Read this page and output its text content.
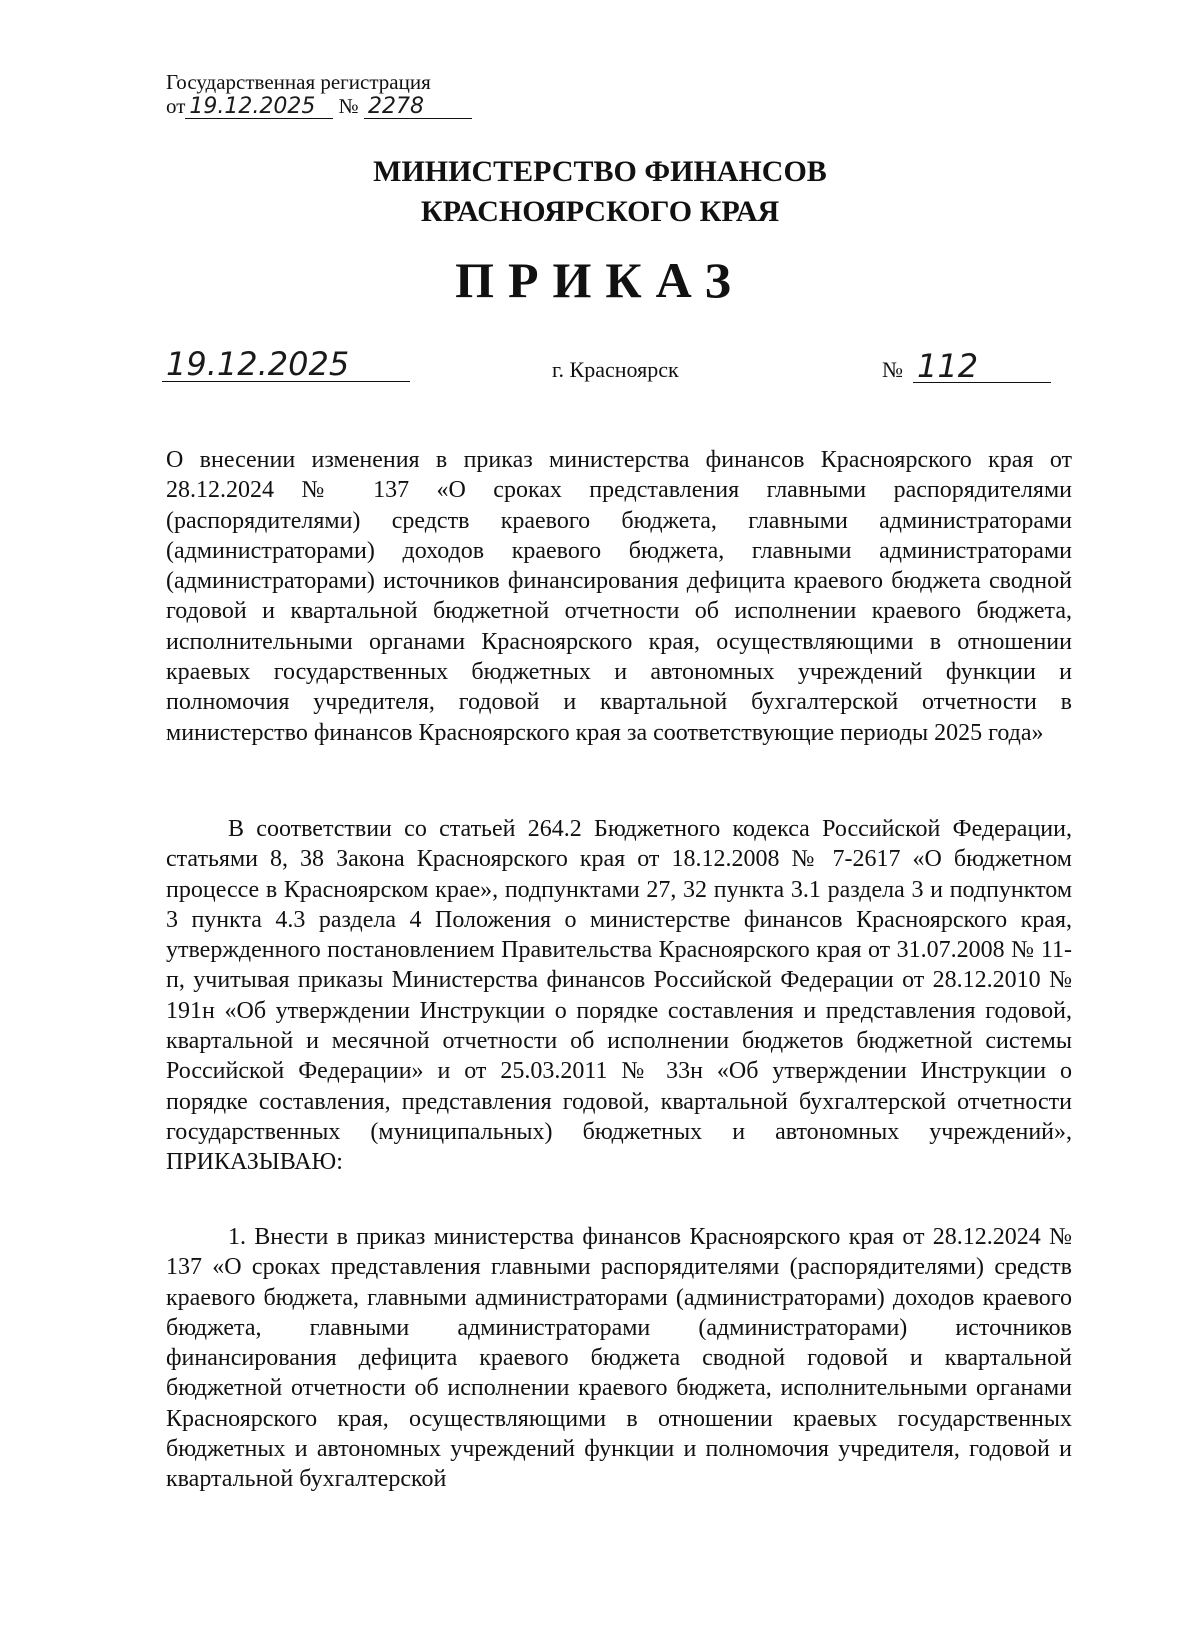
Государственная регистрация
от 19.12.2025 № 2278
МИНИСТЕРСТВО ФИНАНСОВ
КРАСНОЯРСКОГО КРАЯ
ПРИКАЗ
19.12.2025	г. Красноярск	№ 112
О внесении изменения в приказ министерства финансов Красноярского края от 28.12.2024 № 137 «О сроках представления главными распорядителями (распорядителями) средств краевого бюджета, главными администраторами (администраторами) доходов краевого бюджета, главными администраторами (администраторами) источников финансирования дефицита краевого бюджета сводной годовой и квартальной бюджетной отчетности об исполнении краевого бюджета, исполнительными органами Красноярского края, осуществляющими в отношении краевых государственных бюджетных и автономных учреждений функции и полномочия учредителя, годовой и квартальной бухгалтерской отчетности в министерство финансов Красноярского края за соответствующие периоды 2025 года»
В соответствии со статьей 264.2 Бюджетного кодекса Российской Федерации, статьями 8, 38 Закона Красноярского края от 18.12.2008 № 7-2617 «О бюджетном процессе в Красноярском крае», подпунктами 27, 32 пункта 3.1 раздела 3 и подпунктом 3 пункта 4.3 раздела 4 Положения о министерстве финансов Красноярского края, утвержденного постановлением Правительства Красноярского края от 31.07.2008 № 11-п, учитывая приказы Министерства финансов Российской Федерации от 28.12.2010 № 191н «Об утверждении Инструкции о порядке составления и представления годовой, квартальной и месячной отчетности об исполнении бюджетов бюджетной системы Российской Федерации» и от 25.03.2011 № 33н «Об утверждении Инструкции о порядке составления, представления годовой, квартальной бухгалтерской отчетности государственных (муниципальных) бюджетных и автономных учреждений», ПРИКАЗЫВАЮ:
1. Внести в приказ министерства финансов Красноярского края от 28.12.2024 № 137 «О сроках представления главными распорядителями (распорядителями) средств краевого бюджета, главными администраторами (администраторами) доходов краевого бюджета, главными администраторами (администраторами) источников финансирования дефицита краевого бюджета сводной годовой и квартальной бюджетной отчетности об исполнении краевого бюджета, исполнительными органами Красноярского края, осуществляющими в отношении краевых государственных бюджетных и автономных учреждений функции и полномочия учредителя, годовой и квартальной бухгалтерской
